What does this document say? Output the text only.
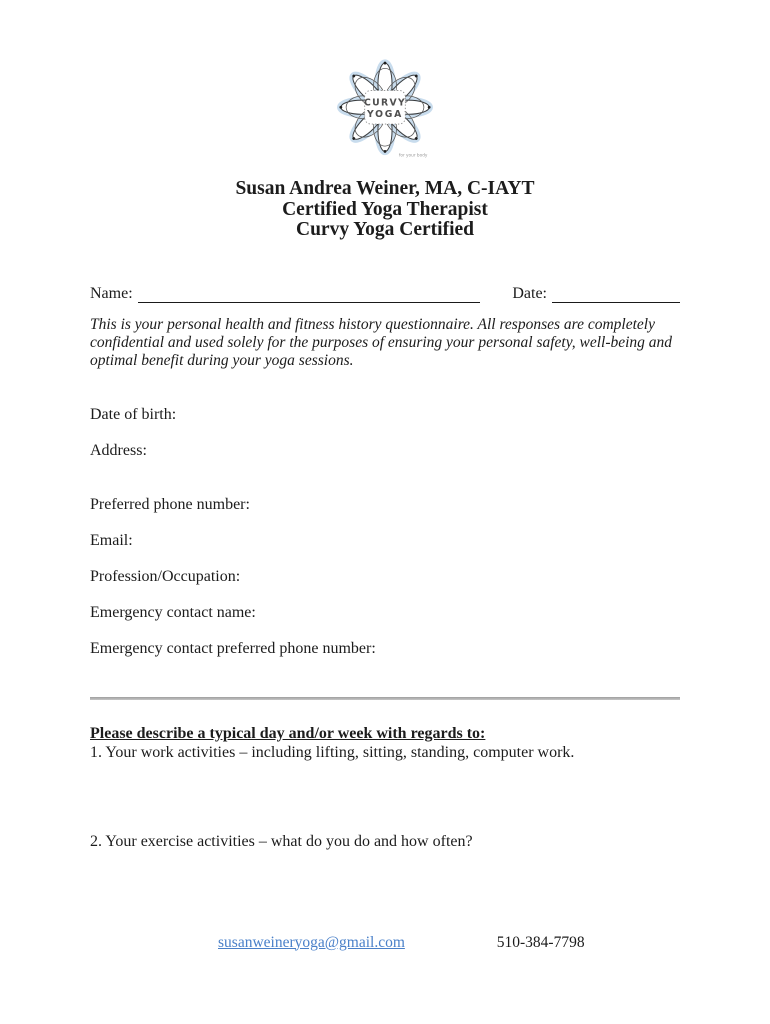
CURVY
YOGA ™
for your body
Susan Andrea Weiner, MA, C-IAYT
Certified Yoga Therapist
Curvy Yoga Certified
Name:	Date:
This is your personal health and fitness history questionnaire. All responses are completely
confidential and used solely for the purposes of ensuring your personal safety, well-being and
optimal benefit during your yoga sessions.
Date of birth:
Address:
Preferred phone number:
Email:
Profession/Occupation:
Emergency contact name:
Emergency contact preferred phone number:
Please describe a typical day and/or week with regards to:
1. Your work activities – including lifting, sitting, standing, computer work.
2. Your exercise activities – what do you do and how often?
susanweineryoga@gmail.com	510-384-7798
